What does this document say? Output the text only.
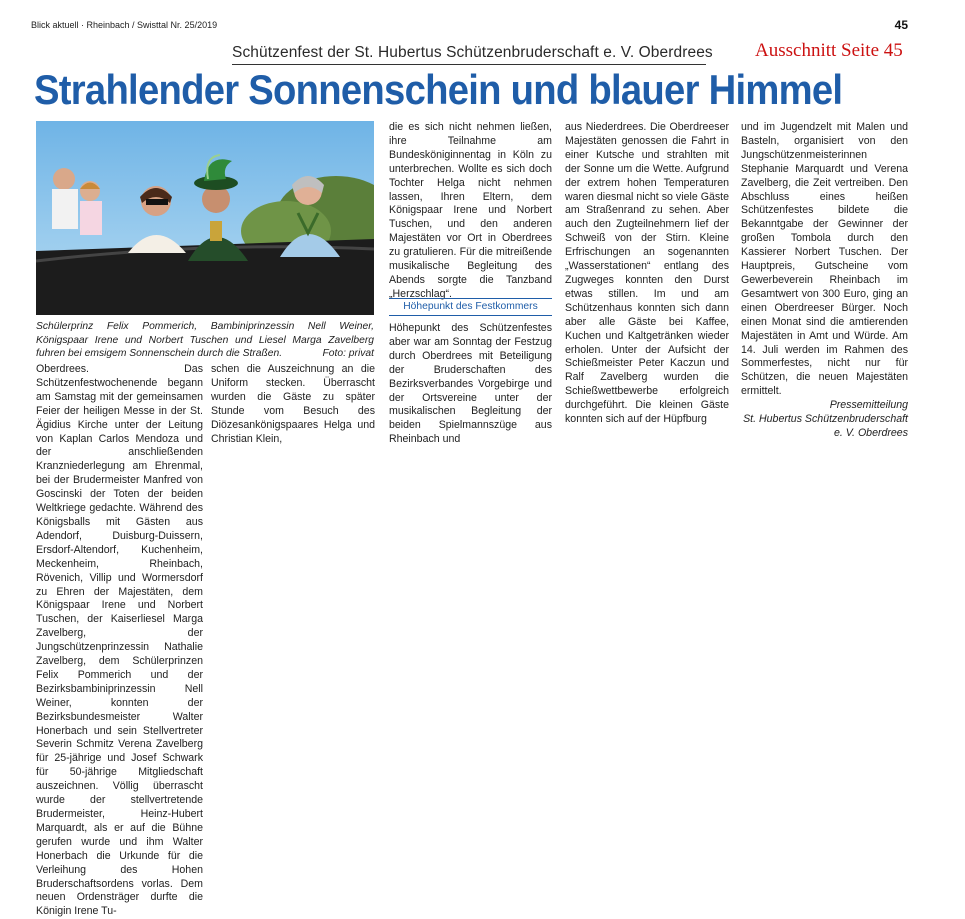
Blick aktuell · Rheinbach / Swisttal Nr. 25/2019	45
Schützenfest der St. Hubertus Schützenbruderschaft e. V. Oberdrees Ausschnitt Seite 45
Strahlender Sonnenschein und blauer Himmel
Schülerprinz Felix Pommerich, Bambiniprinzessin Nell Weiner, Königspaar Irene und Norbert Tuschen und Liesel Marga Zavelberg fuhren bei emsigem Sonnenschein durch die Straßen.	Foto: privat

Oberdrees. Das Schützenfestwochenende begann am Samstag mit der gemeinsamen Feier der heiligen Messe in der St. Ägidius Kirche unter der Leitung von Kaplan Carlos Mendoza und der anschließenden Kranzniederlegung am Ehrenmal, bei der Brudermeister Manfred von Goscinski der Toten der beiden Weltkriege gedachte. Während des Königsballs mit Gästen aus Adendorf, Duisburg-Duissern, Ersdorf-Altendorf, Kuchenheim, Meckenheim, Rheinbach, Rövenich, Villip und Wormersdorf zu Ehren der Majestäten, dem Königspaar Irene und Norbert Tuschen, der Kaiserliesel Marga Zavelberg, der Jungschützenprinzessin Nathalie Zavelberg, dem Schülerprinzen Felix Pommerich und der Bezirksbambiniprinzessin Nell Weiner, konnten der Bezirksbundesmeister Walter Honerbach und sein Stellvertreter Severin Schmitz Verena Zavelberg für 25-jährige und Josef Schwark für 50-jährige Mitgliedschaft auszeichnen. Völlig überrascht wurde der stellvertretende Brudermeister, Heinz-Hubert Marquardt, als er auf die Bühne gerufen wurde und ihm Walter Honerbach die Urkunde für die Verleihung des Hohen Bruderschaftsordens vorlas. Dem neuen Ordensträger durfte die Königin Irene Tu-

schen die Auszeichnung an die Uniform stecken. Überrascht wurden die Gäste zu später Stunde vom Besuch des Diözesankönigspaares Helga und Christian Klein,

die es sich nicht nehmen ließen, ihre Teilnahme am Bundesköniginnentag in Köln zu unterbrechen. Wollte es sich doch Tochter Helga nicht nehmen lassen, Ihren Eltern, dem Königspaar Irene und Norbert Tuschen, und den anderen Majestäten vor Ort in Oberdrees zu gratulieren. Für die mitreißende musikalische Begleitung des Abends sorgte die Tanzband „Herzschlag“.

Höhepunkt des Festkommers

Höhepunkt des Schützenfestes aber war am Sonntag der Festzug durch Oberdrees mit Beteiligung der Bruderschaften des Bezirksverbandes Vorgebirge und der Ortsvereine unter der musikalischen Begleitung der beiden Spielmannszüge aus Rheinbach und

aus Niederdrees. Die Oberdreeser Majestäten genossen die Fahrt in einer Kutsche und strahlten mit der Sonne um die Wette. Aufgrund der extrem hohen Temperaturen waren diesmal nicht so viele Gäste am Straßenrand zu sehen. Aber auch den Zugteilnehmern lief der Schweiß von der Stirn. Kleine Erfrischungen an sogenannten „Wasserstationen“ entlang des Zugweges konnten den Durst etwas stillen. Im und am Schützenhaus konnten sich dann aber alle Gäste bei Kaffee, Kuchen und Kaltgetränken wieder erholen. Unter der Aufsicht der Schießmeister Peter Kaczun und Ralf Zavelberg wurden die Schießwettbewerbe erfolgreich durchgeführt. Die kleinen Gäste konnten sich auf der Hüpfburg

und im Jugendzelt mit Malen und Basteln, organisiert von den Jungschützenmeisterinnen Stephanie Marquardt und Verena Zavelberg, die Zeit vertreiben. Den Abschluss eines heißen Schützenfestes bildete die Bekanntgabe der Gewinner der großen Tombola durch den Kassierer Norbert Tuschen. Der Hauptpreis, Gutscheine vom Gewerbeverein Rheinbach im Gesamtwert von 300 Euro, ging an einen Oberdreeser Bürger. Noch einen Monat sind die amtierenden Majestäten in Amt und Würde. Am 14. Juli werden im Rahmen des Sommerfestes, nicht nur für Schützen, die neuen Majestäten ermittelt.

Pressemitteilung

St. Hubertus Schützenbruderschaft e. V. Oberdrees
